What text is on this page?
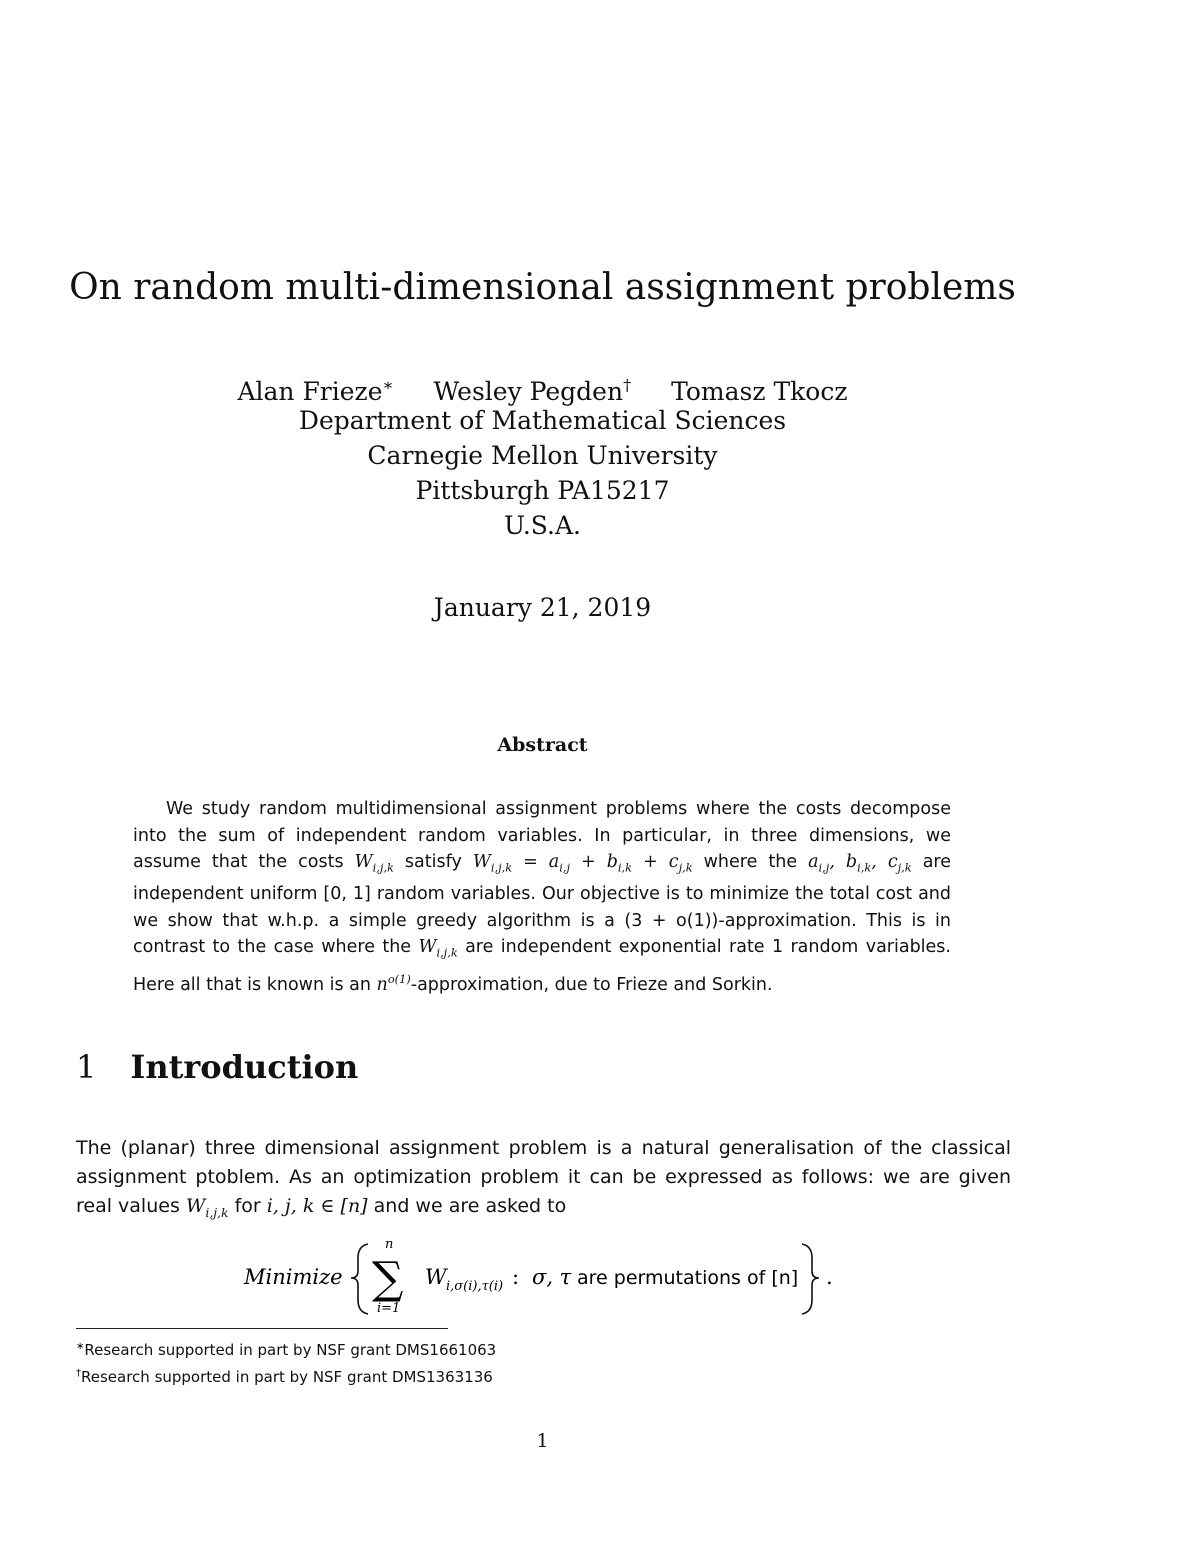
On random multi-dimensional assignment problems
Alan Frieze∗ Wesley Pegden† Tomasz Tkocz
Department of Mathematical Sciences
Carnegie Mellon University
Pittsburgh PA15217
U.S.A.
January 21, 2019
Abstract

We study random multidimensional assignment problems where the costs decompose into the sum of independent random variables. In particular, in three dimensions, we assume that the costs $W_{i,j,k}$ satisfy $W_{i,j,k} = a_{i,j} + b_{i,k} + c_{j,k}$ where the $a_{i,j}$, $b_{i,k}$, $c_{j,k}$ are independent uniform [0, 1] random variables. Our objective is to minimize the total cost and we show that w.h.p. a simple greedy algorithm is a (3 + o(1))-approximation. This is in contrast to the case where the $W_{i,j,k}$ are independent exponential rate 1 random variables. Here all that is known is an $n^{o(1)}$-approximation, due to Frieze and Sorkin.

1 Introduction

The (planar) three dimensional assignment problem is a natural generalisation of the classical assignment ptoblem. As an optimization problem it can be expressed as follows: we are given real values $W_{i,j,k}$ for i, j, k ∈ [n] and we are asked to

Minimize
n
∑
i=1
W i,σ(i),τ(i) : σ, τ are permutations of [n] .
∗Research supported in part by NSF grant DMS1661063
†Research supported in part by NSF grant DMS1363136
1
